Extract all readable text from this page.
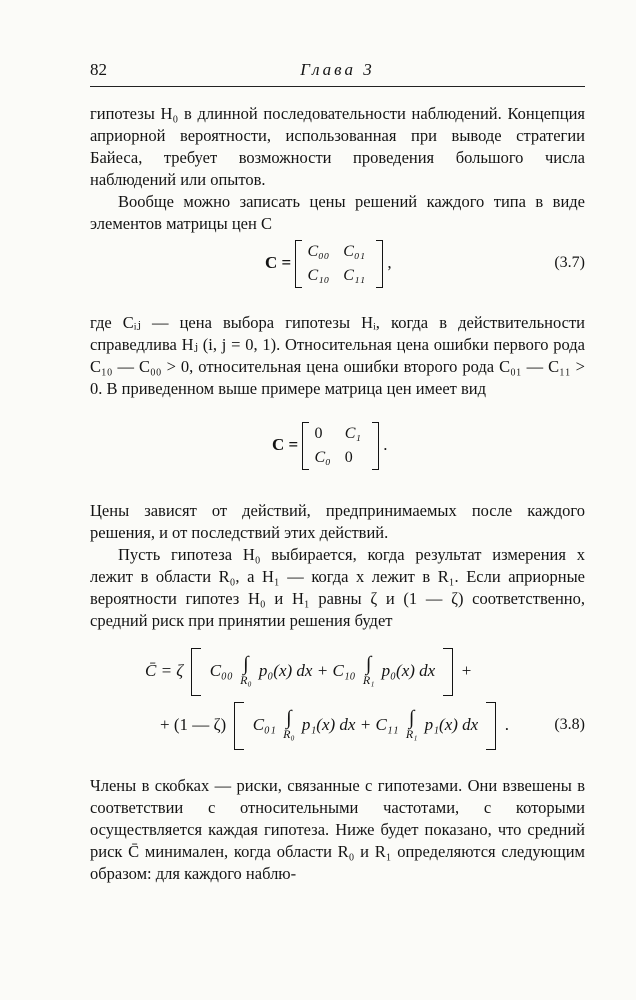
82	Глава 3

гипотезы H₀ в длинной последовательности наблюдений. Концепция априорной вероятности, использованная при выводе стратегии Байеса, требует возможности проведения большого числа наблюдений или опытов.

Вообще можно записать цены решений каждого типа в виде элементов матрицы цен C

C =
C₀₀	C₀₁
C₁₀	C₁₁
,	(3.7)

где Cᵢⱼ — цена выбора гипотезы Hᵢ, когда в действительности справедлива Hⱼ (i, j = 0, 1). Относительная цена ошибки первого рода C₁₀ — C₀₀ > 0, относительная цена ошибки второго рода C₀₁ — C₁₁ > 0. В приведенном выше примере матрица цен имеет вид

C =
0	C₁
C₀	0
.

Цены зависят от действий, предпринимаемых после каждого решения, и от последствий этих действий.

Пусть гипотеза H₀ выбирается, когда результат измерения x лежит в области R₀, а H₁ — когда x лежит в R₁. Если априорные вероятности гипотез H₀ и H₁ равны ζ и (1 — ζ) соответственно, средний риск при принятии решения будет

C̄ = ζ C₀₀ ∫
R₀
p₀(x) dx + C₁₀ ∫
R₁
p₀(x) dx +
+ (1 — ζ) C₀₁ ∫
R₀
p₁(x) dx + C₁₁ ∫
R₁
p₁(x) dx .	(3.8)

Члены в скобках — риски, связанные с гипотезами. Они взвешены в соответствии с относительными частотами, с которыми осуществляется каждая гипотеза. Ниже будет показано, что средний риск C̄ минимален, когда области R₀ и R₁ определяются следующим образом: для каждого наблю-
